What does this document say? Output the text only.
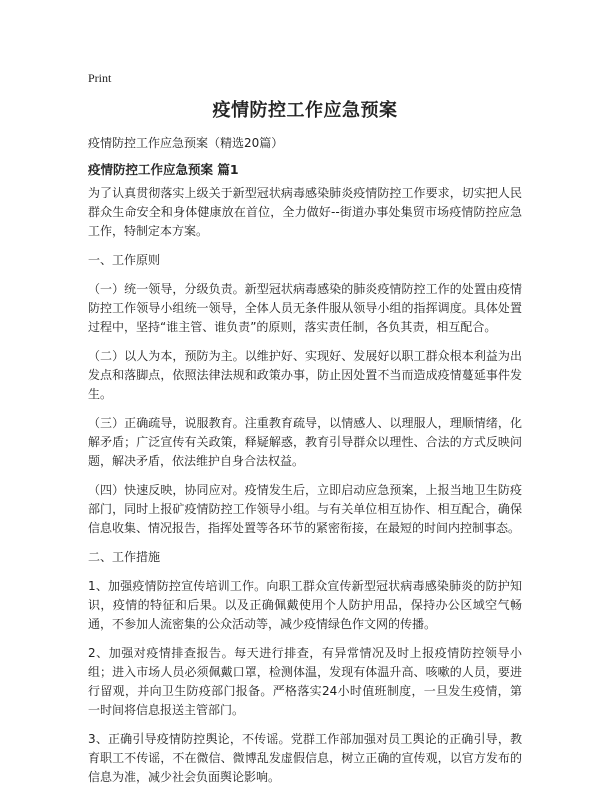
Print
疫情防控工作应急预案
疫情防控工作应急预案（精选20篇）
疫情防控工作应急预案 篇1

为了认真贯彻落实上级关于新型冠状病毒感染肺炎疫情防控工作要求，切实把人民群众生命安全和身体健康放在首位，全力做好--街道办事处集贸市场疫情防控应急工作，特制定本方案。

一、工作原则

（一）统一领导，分级负责。新型冠状病毒感染的肺炎疫情防控工作的处置由疫情防控工作领导小组统一领导，全体人员无条件服从领导小组的指挥调度。具体处置过程中，坚持“谁主管、谁负责”的原则，落实责任制，各负其责，相互配合。

（二）以人为本，预防为主。以维护好、实现好、发展好以职工群众根本利益为出发点和落脚点，依照法律法规和政策办事，防止因处置不当而造成疫情蔓延事件发生。

（三）正确疏导，说服教育。注重教育疏导，以情感人、以理服人，理顺情绪，化解矛盾；广泛宣传有关政策，释疑解惑，教育引导群众以理性、合法的方式反映问题，解决矛盾，依法维护自身合法权益。

（四）快速反映，协同应对。疫情发生后，立即启动应急预案，上报当地卫生防疫部门，同时上报矿疫情防控工作领导小组。与有关单位相互协作、相互配合，确保信息收集、情况报告，指挥处置等各环节的紧密衔接，在最短的时间内控制事态。

二、工作措施

1、加强疫情防控宣传培训工作。向职工群众宣传新型冠状病毒感染肺炎的防护知识，疫情的特征和后果。以及正确佩戴使用个人防护用品，保持办公区域空气畅通，不参加人流密集的公众活动等，减少疫情绿色作文网的传播。

2、加强对疫情排查报告。每天进行排查，有异常情况及时上报疫情防控领导小组；进入市场人员必须佩戴口罩，检测体温，发现有体温升高、咳嗽的人员，要进行留观，并向卫生防疫部门报备。严格落实24小时值班制度，一旦发生疫情，第一时间将信息报送主管部门。

3、正确引导疫情防控舆论，不传谣。党群工作部加强对员工舆论的正确引导，教育职工不传谣，不在微信、微博乱发虚假信息，树立正确的宣传观，以官方发布的信息为准，减少社会负面舆论影响。
